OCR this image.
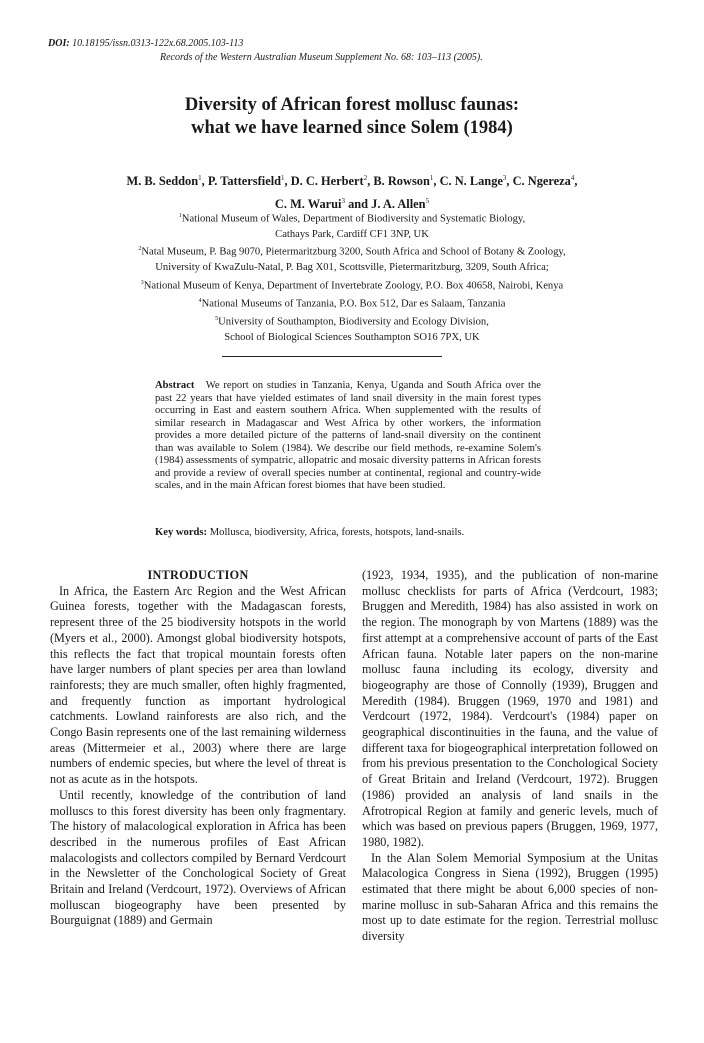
DOI: 10.18195/issn.0313-122x.68.2005.103-113
Records of the Western Australian Museum Supplement No. 68: 103–113 (2005).
Diversity of African forest mollusc faunas:
what we have learned since Solem (1984)
M. B. Seddon$^1$, P. Tattersfield$^1$, D. C. Herbert$^2$, B. Rowson$^1$, C. N. Lange$^3$, C. Ngereza$^4$,
C. M. Warui$^3$ and J. A. Allen$^5$
$^1$National Museum of Wales, Department of Biodiversity and Systematic Biology,
Cathays Park, Cardiff CF1 3NP, UK
$^2$Natal Museum, P. Bag 9070, Pietermaritzburg 3200, South Africa and School of Botany & Zoology,
University of KwaZulu-Natal, P. Bag X01, Scottsville, Pietermaritzburg, 3209, South Africa;
$^3$National Museum of Kenya, Department of Invertebrate Zoology, P.O. Box 40658, Nairobi, Kenya
$^4$National Museums of Tanzania, P.O. Box 512, Dar es Salaam, Tanzania
$^5$University of Southampton, Biodiversity and Ecology Division,
School of Biological Sciences Southampton SO16 7PX, UK
Abstract We report on studies in Tanzania, Kenya, Uganda and South Africa over the past 22 years that have yielded estimates of land snail diversity in the main forest types occurring in East and eastern southern Africa. When supplemented with the results of similar research in Madagascar and West Africa by other workers, the information provides a more detailed picture of the patterns of land-snail diversity on the continent than was available to Solem (1984). We describe our field methods, re-examine Solem's (1984) assessments of sympatric, allopatric and mosaic diversity patterns in African forests and provide a review of overall species number at continental, regional and country-wide scales, and in the main African forest biomes that have been studied.
Key words: Mollusca, biodiversity, Africa, forests, hotspots, land-snails.
INTRODUCTION

In Africa, the Eastern Arc Region and the West African Guinea forests, together with the Madagascan forests, represent three of the 25 biodiversity hotspots in the world (Myers et al., 2000). Amongst global biodiversity hotspots, this reflects the fact that tropical mountain forests often have larger numbers of plant species per area than lowland rainforests; they are much smaller, often highly fragmented, and frequently function as important hydrological catchments. Lowland rainforests are also rich, and the Congo Basin represents one of the last remaining wilderness areas (Mittermeier et al., 2003) where there are large numbers of endemic species, but where the level of threat is not as acute as in the hotspots.

Until recently, knowledge of the contribution of land molluscs to this forest diversity has been only fragmentary. The history of malacological exploration in Africa has been described in the numerous profiles of East African malacologists and collectors compiled by Bernard Verdcourt in the Newsletter of the Conchological Society of Great Britain and Ireland (Verdcourt, 1972). Overviews of African molluscan biogeography have been presented by Bourguignat (1889) and Germain

(1923, 1934, 1935), and the publication of non-marine mollusc checklists for parts of Africa (Verdcourt, 1983; Bruggen and Meredith, 1984) has also assisted in work on the region. The monograph by von Martens (1889) was the first attempt at a comprehensive account of parts of the East African fauna. Notable later papers on the non-marine mollusc fauna including its ecology, diversity and biogeography are those of Connolly (1939), Bruggen and Meredith (1984). Bruggen (1969, 1970 and 1981) and Verdcourt (1972, 1984). Verdcourt's (1984) paper on geographical discontinuities in the fauna, and the value of different taxa for biogeographical interpretation followed on from his previous presentation to the Conchological Society of Great Britain and Ireland (Verdcourt, 1972). Bruggen (1986) provided an analysis of land snails in the Afrotropical Region at family and generic levels, much of which was based on previous papers (Bruggen, 1969, 1977, 1980, 1982).

In the Alan Solem Memorial Symposium at the Unitas Malacologica Congress in Siena (1992), Bruggen (1995) estimated that there might be about 6,000 species of non-marine mollusc in sub-Saharan Africa and this remains the most up to date estimate for the region. Terrestrial mollusc diversity
